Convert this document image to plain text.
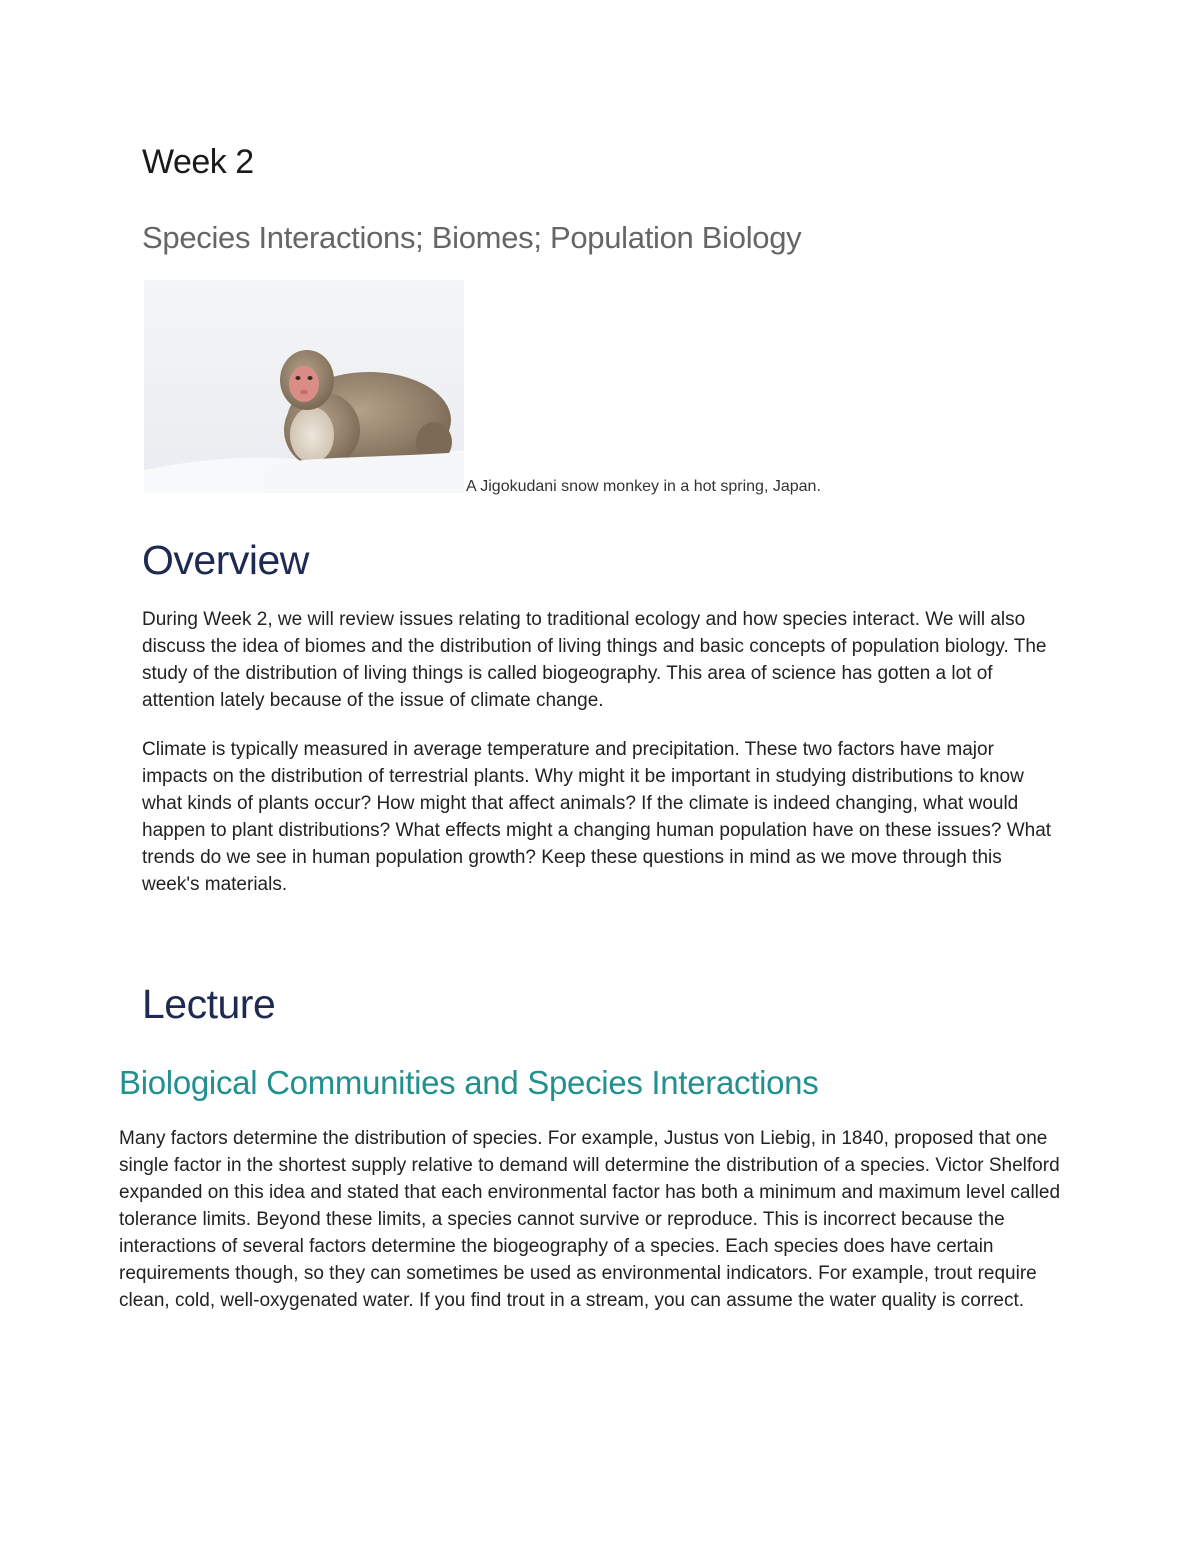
Week 2
Species Interactions; Biomes; Population Biology

A Jigokudani snow monkey in a hot spring, Japan.

Overview

During Week 2, we will review issues relating to traditional ecology and how species interact. We will also discuss the idea of biomes and the distribution of living things and basic concepts of population biology. The study of the distribution of living things is called biogeography. This area of science has gotten a lot of attention lately because of the issue of climate change.

Climate is typically measured in average temperature and precipitation. These two factors have major impacts on the distribution of terrestrial plants. Why might it be important in studying distributions to know what kinds of plants occur? How might that affect animals? If the climate is indeed changing, what would happen to plant distributions? What effects might a changing human population have on these issues? What trends do we see in human population growth? Keep these questions in mind as we move through this week's materials.

Lecture
Biological Communities and Species Interactions

Many factors determine the distribution of species. For example, Justus von Liebig, in 1840, proposed that one single factor in the shortest supply relative to demand will determine the distribution of a species. Victor Shelford expanded on this idea and stated that each environmental factor has both a minimum and maximum level called tolerance limits. Beyond these limits, a species cannot survive or reproduce. This is incorrect because the interactions of several factors determine the biogeography of a species. Each species does have certain requirements though, so they can sometimes be used as environmental indicators. For example, trout require clean, cold, well-oxygenated water. If you find trout in a stream, you can assume the water quality is correct.
